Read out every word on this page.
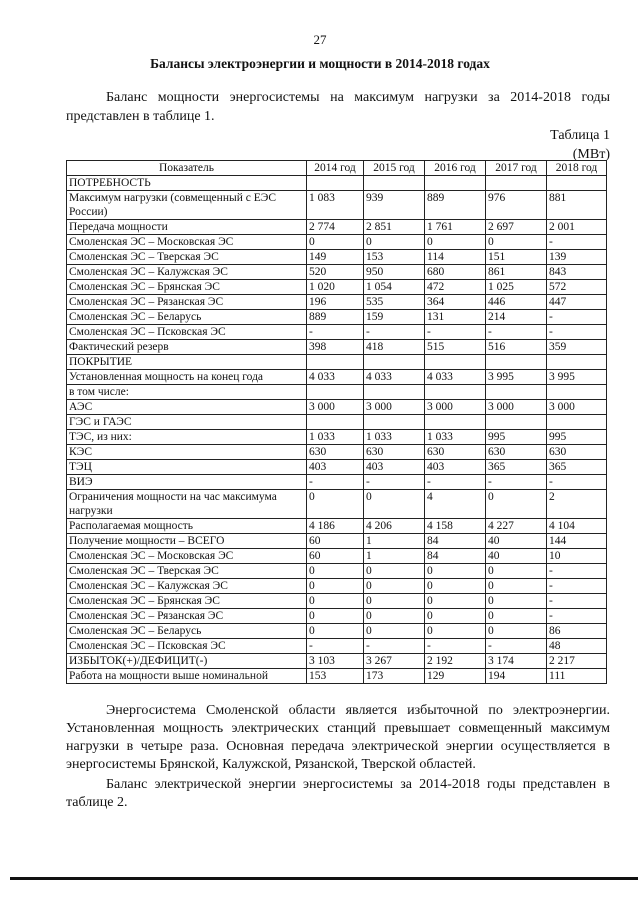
27
Балансы электроэнергии и мощности в 2014-2018 годах
Баланс мощности энергосистемы на максимум нагрузки за 2014-2018 годы
представлен в таблице 1.
Таблица 1
(МВт)
Показатель	2014 год	2015 год	2016 год	2017 год	2018 год
ПОТРЕБНОСТЬ					
Максимум нагрузки (совмещенный с ЕЭС России)	1 083	939	889	976	881
Передача мощности	2 774	2 851	1 761	2 697	2 001
Смоленская ЭС – Московская ЭС	0	0	0	0	-
Смоленская ЭС – Тверская ЭС	149	153	114	151	139
Смоленская ЭС – Калужская ЭС	520	950	680	861	843
Смоленская ЭС – Брянская ЭС	1 020	1 054	472	1 025	572
Смоленская ЭС – Рязанская ЭС	196	535	364	446	447
Смоленская ЭС – Беларусь	889	159	131	214	-
Смоленская ЭС – Псковская ЭС	-	-	-	-	-
Фактический резерв	398	418	515	516	359
ПОКРЫТИЕ					
Установленная мощность на конец года	4 033	4 033	4 033	3 995	3 995
в том числе:					
АЭС	3 000	3 000	3 000	3 000	3 000
ГЭС и ГАЭС					
ТЭС, из них:	1 033	1 033	1 033	995	995
КЭС	630	630	630	630	630
ТЭЦ	403	403	403	365	365
ВИЭ	-	-	-	-	-
Ограничения мощности на час максимума нагрузки	0	0	4	0	2
Располагаемая мощность	4 186	4 206	4 158	4 227	4 104
Получение мощности – ВСЕГО	60	1	84	40	144
Смоленская ЭС – Московская ЭС	60	1	84	40	10
Смоленская ЭС – Тверская ЭС	0	0	0	0	-
Смоленская ЭС – Калужская ЭС	0	0	0	0	-
Смоленская ЭС – Брянская ЭС	0	0	0	0	-
Смоленская ЭС – Рязанская ЭС	0	0	0	0	-
Смоленская ЭС – Беларусь	0	0	0	0	86
Смоленская ЭС – Псковская ЭС	-	-	-	-	48
ИЗБЫТОК(+)/ДЕФИЦИТ(-)	3 103	3 267	2 192	3 174	2 217
Работа на мощности выше номинальной	153	173	129	194	111

Энергосистема Смоленской области является избыточной по электроэнергии. Установленная мощность электрических станций превышает совмещенный максимум нагрузки в четыре раза. Основная передача электрической энергии осуществляется в энергосистемы Брянской, Калужской, Рязанской, Тверской областей.

Баланс электрической энергии энергосистемы за 2014-2018 годы представлен в таблице 2.
